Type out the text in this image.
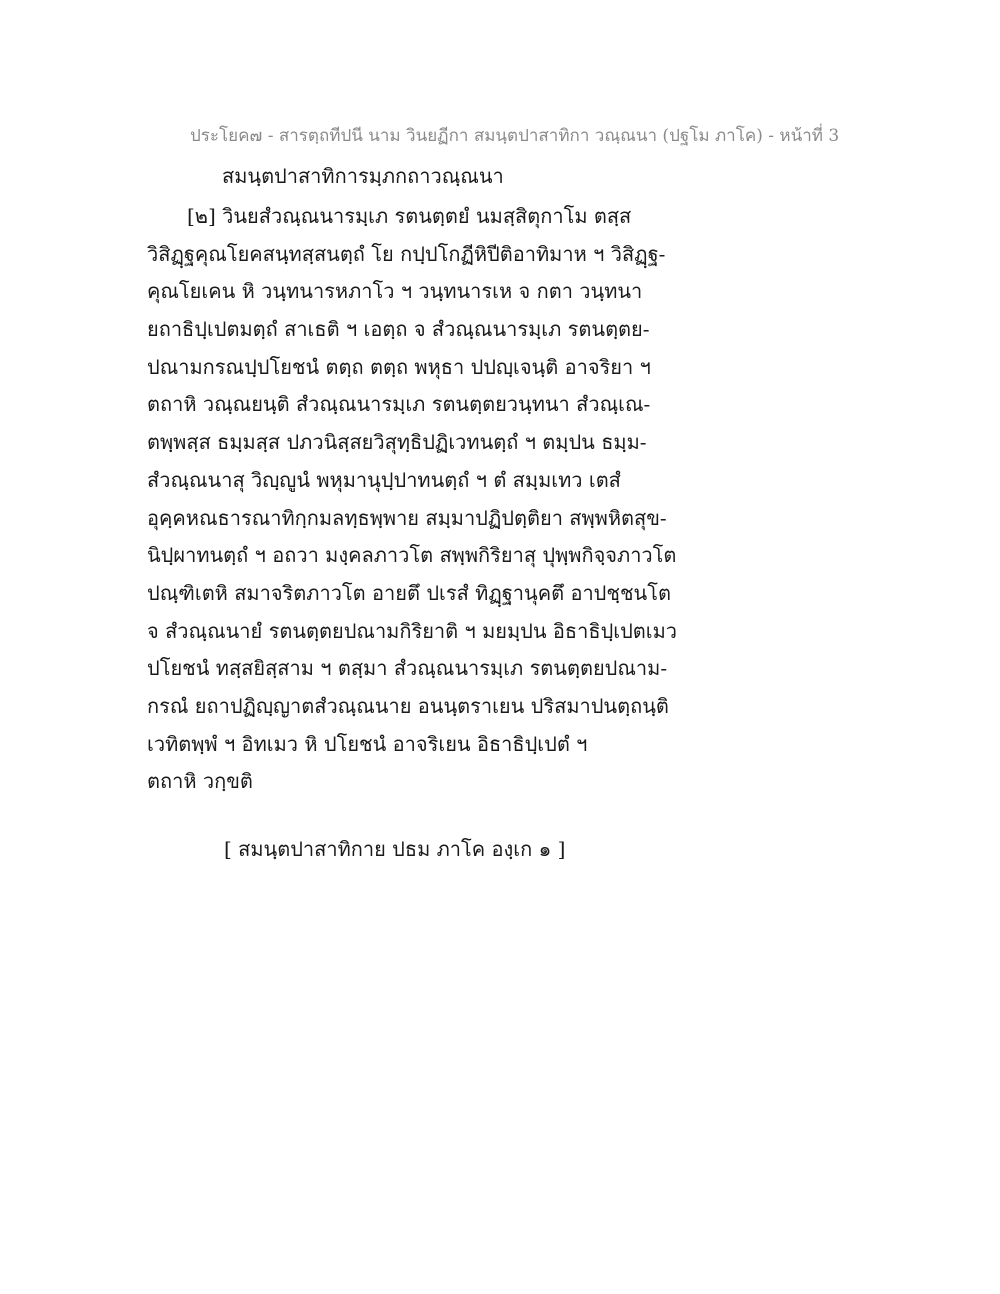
ประโยค๗ - สารตฺถทีปนี นาม วินยฏีกา สมนฺตปาสาทิกา วณฺณนา (ปฐโม ภาโค) - หน้าที่ 3
สมนฺตปาสาทิการมฺภกถาวณฺณนา
[๒] วินยสํวณฺณนารมฺเภ รตนตฺตยํ นมสฺสิตุกาโม ตสฺส
วิสิฏฺฐคุณโยคสนฺทสฺสนตฺถํ โย กปฺปโกฏีหิปีติอาทิมาห ฯ วิสิฏฺฐ-
คุณโยเคน หิ วนฺทนารหภาโว ฯ วนฺทนารเห จ กตา วนฺทนา
ยถาธิปฺเปตมตฺถํ สาเธติ ฯ เอตฺถ จ สํวณฺณนารมฺเภ รตนตฺตย-
ปณามกรณปฺปโยชนํ ตตฺถ ตตฺถ พหุธา ปปญฺเจนฺติ อาจริยา ฯ
ตถาหิ วณฺณยนฺติ สํวณฺณนารมฺเภ รตนตฺตยวนฺทนา สํวณฺเณ-
ตพฺพสฺส ธมฺมสฺส ปภวนิสฺสยวิสุทฺธิปฏิเวทนตฺถํ ฯ ตมฺปน ธมฺม-
สํวณฺณนาสุ วิญฺญูนํ พหุมานุปฺปาทนตฺถํ ฯ ตํ สมฺมเทว เตสํ
อุคฺคหณธารณาทิกฺกมลทฺธพฺพาย สมฺมาปฏิปตฺติยา สพฺพหิตสุข-
นิปฺผาทนตฺถํ ฯ อถวา มงฺคลภาวโต สพฺพกิริยาสุ ปุพฺพกิจฺจภาวโต
ปณฺฑิเตหิ สมาจริตภาวโต อายตึ ปเรสํ ทิฏฺฐานุคตึ อาปชฺชนโต
จ สํวณฺณนายํ รตนตฺตยปณามกิริยาติ ฯ มยมฺปน อิธาธิปฺเปตเมว
ปโยชนํ ทสฺสยิสฺสาม ฯ ตสฺมา สํวณฺณนารมฺเภ รตนตฺตยปณาม-
กรณํ ยถาปฏิญฺญาตสํวณฺณนาย อนนฺตราเยน ปริสมาปนตฺถนฺติ
เวทิตพฺพํ ฯ อิทเมว หิ ปโยชนํ อาจริเยน อิธาธิปฺเปตํ ฯ
ตถาหิ วกฺขติ
[ สมนฺตปาสาทิกาย ปธม ภาโค องฺเก ๑ ]
